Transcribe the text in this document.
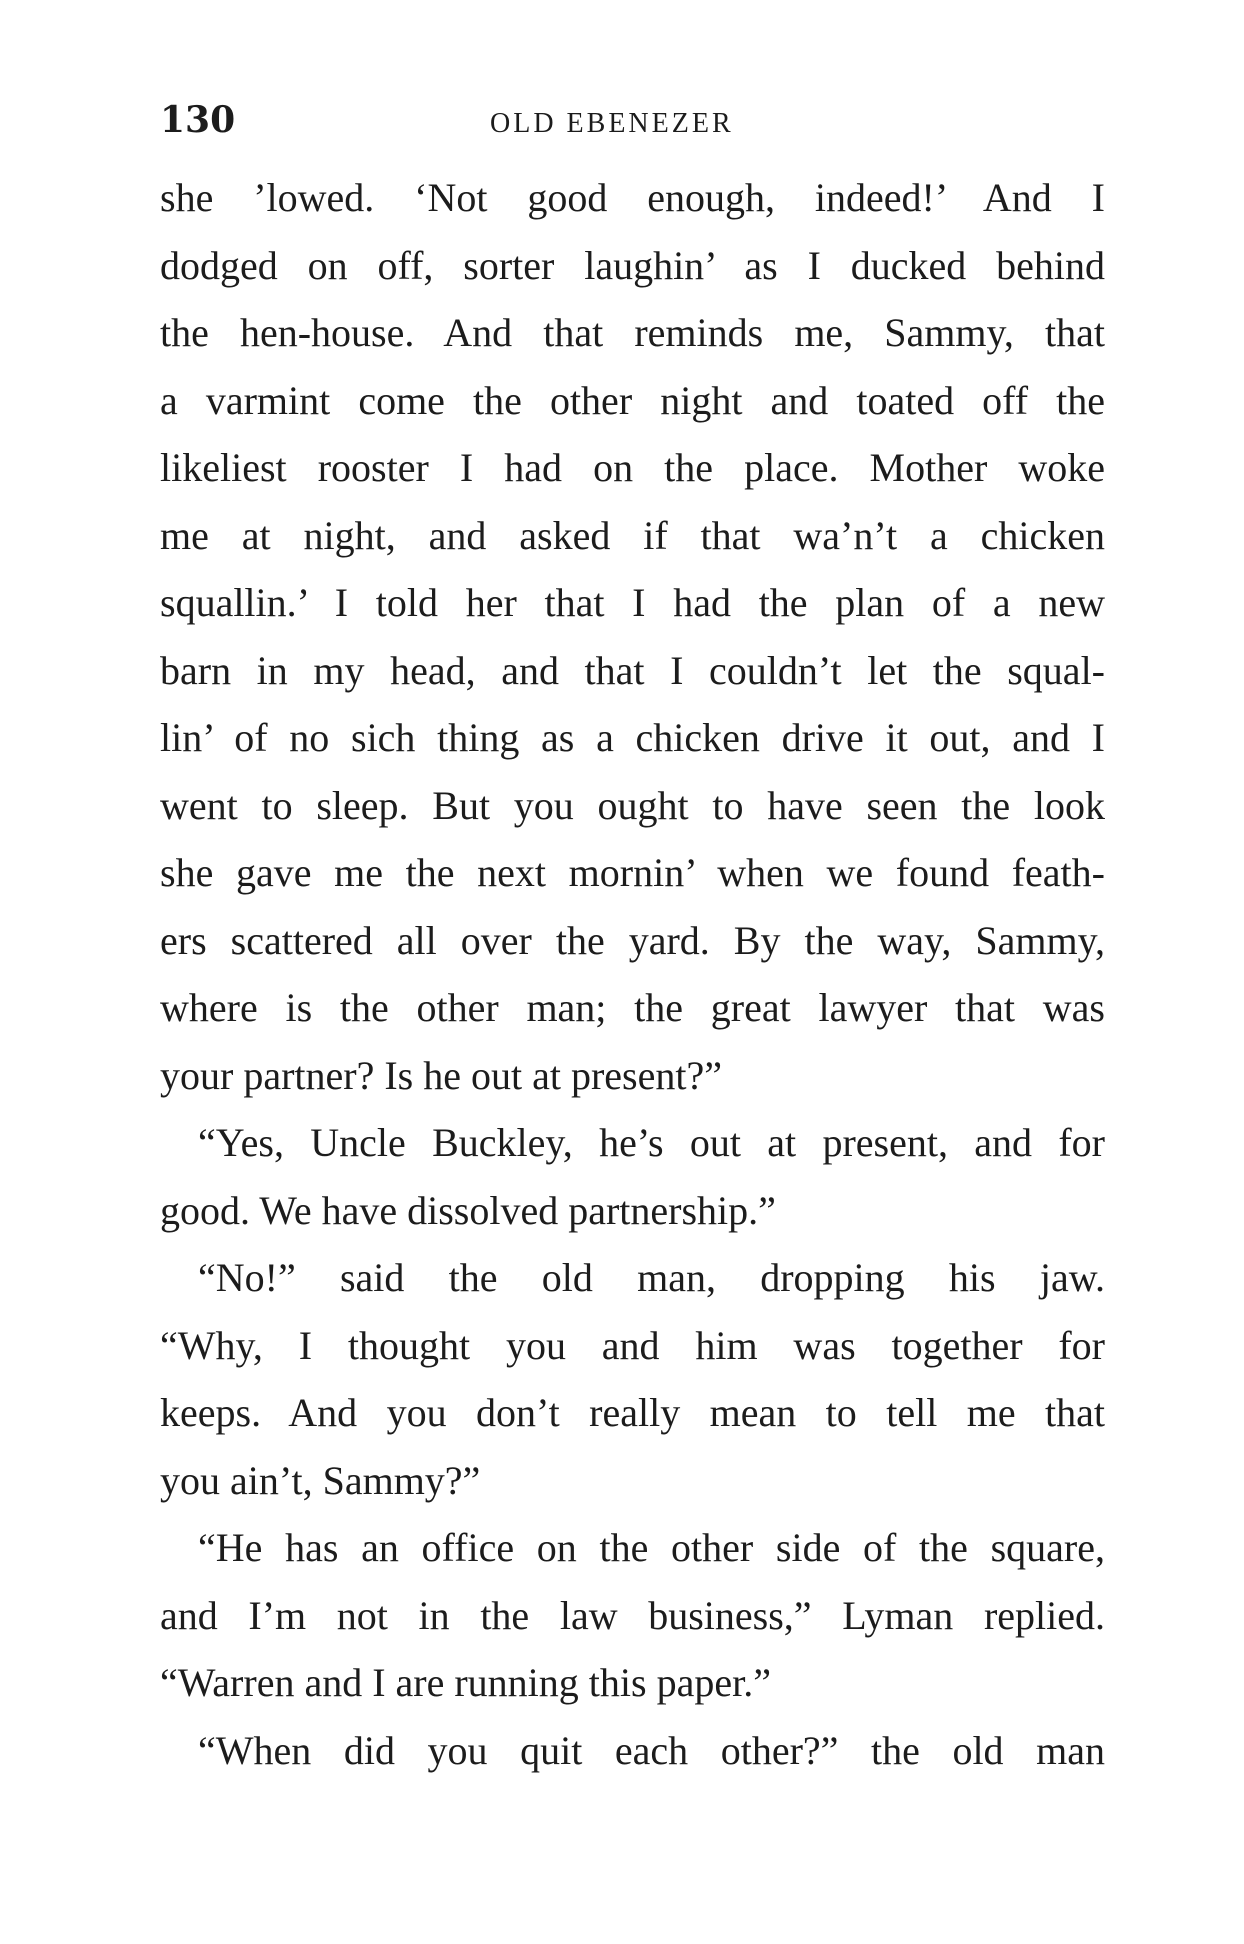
130	OLD EBENEZER
she ’lowed. ‘Not good enough, indeed!’ And I
dodged on off, sorter laughin’ as I ducked behind
the hen-house. And that reminds me, Sammy, that
a varmint come the other night and toated off the
likeliest rooster I had on the place. Mother woke
me at night, and asked if that wa’n’t a chicken
squallin.’ I told her that I had the plan of a new
barn in my head, and that I couldn’t let the squal-
lin’ of no sich thing as a chicken drive it out, and I
went to sleep. But you ought to have seen the look
she gave me the next mornin’ when we found feath-
ers scattered all over the yard. By the way, Sammy,
where is the other man; the great lawyer that was
your partner? Is he out at present?”
“Yes, Uncle Buckley, he’s out at present, and for
good. We have dissolved partnership.”
“No!” said the old man, dropping his jaw.
“Why, I thought you and him was together for
keeps. And you don’t really mean to tell me that
you ain’t, Sammy?”
“He has an office on the other side of the square,
and I’m not in the law business,” Lyman replied.
“Warren and I are running this paper.”
“When did you quit each other?” the old man
